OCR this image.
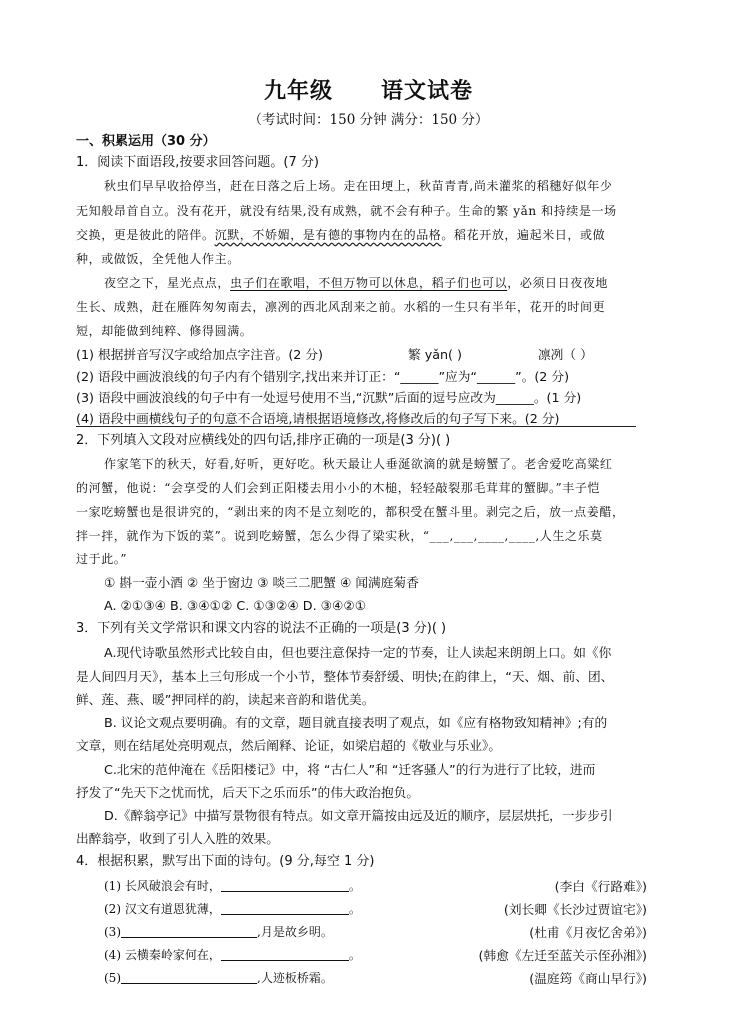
九年级 语文试卷
（考试时间：150 分钟 满分：150 分）
一、积累运用（30 分）
1．阅读下面语段,按要求回答问题。(7 分)
秋虫们早早收拾停当，赶在日落之后上场。走在田埂上，秋苗青青,尚未灌浆的稻穗好似年少
无知般昂首自立。没有花开，就没有结果,没有成熟，就不会有种子。生命的繁 yǎn 和持续是一场
交换，更是彼此的陪伴。沉默，不娇媚，是有德的事物内在的品格。稻花开放，遍起米日，或做
种，或做饭，全凭他人作主。
夜空之下，星光点点，虫子们在歌唱，不但万物可以休息，稻子们也可以，必须日日夜夜地
生长、成熟，赶在雁阵匆匆南去，凛冽的西北风刮来之前。水稻的一生只有半年，花开的时间更
短，却能做到纯粹、修得圆满。
(1) 根据拼音写汉字或给加点字注音。(2 分)	繁 yǎn( )	凛冽（ ）
(2) 语段中画波浪线的句子内有个错别字,找出来并订正：“______”应为“______”。(2 分)
(3) 语段中画波浪线的句子中有一处逗号使用不当,“沉默”后面的逗号应改为______。(1 分)
(4) 语段中画横线句子的句意不合语境,请根据语境修改,将修改后的句子写下来。(2 分)
2．下列填入文段对应横线处的四句话,排序正确的一项是(3 分)( )
作家笔下的秋天，好看,好听，更好吃。秋天最让人垂涎欲滴的就是螃蟹了。老舍爱吃高粱红
的河蟹，他说：“会享受的人们会到正阳楼去用小小的木槌，轻轻敲裂那毛茸茸的蟹脚。”丰子恺
一家吃螃蟹也是很讲究的，“剥出来的肉不是立刻吃的，都积受在蟹斗里。剥完之后，放一点姜醋，
拌一拌，就作为下饭的菜”。说到吃螃蟹，怎么少得了梁实秋，“___,___,____,____,人生之乐莫
过于此。”
① 斟一壶小酒 ② 坐于窗边 ③ 啖三二肥蟹 ④ 闻满庭菊香
A. ②①③④ B. ③④①② C. ①③②④ D. ③④②①
3．下列有关文学常识和课文内容的说法不正确的一项是(3 分)( )
A.现代诗歌虽然形式比较自由，但也要注意保持一定的节奏，让人读起来朗朗上口。如《你
是人间四月天》，基本上三句形成一个小节，整体节奏舒缓、明快;在韵律上，“天、烟、前、团、
鲜、莲、燕、暖”押同样的韵，读起来音韵和谐优美。
B. 议论文观点要明确。有的文章，题目就直接表明了观点，如《应有格物致知精神》;有的
文章，则在结尾处亮明观点，然后阐释、论证，如梁启超的《敬业与乐业》。
C.北宋的范仲淹在《岳阳楼记》中，将 “古仁人”和 “迁客骚人”的行为进行了比较，进而
抒发了“先天下之忧而忧，后天下之乐而乐”的伟大政治抱负。
D.《醉翁亭记》中描写景物很有特点。如文章开篇按由远及近的顺序，层层烘托，一步步引
出醉翁亭，收到了引人入胜的效果。
4．根据积累，默写出下面的诗句。(9 分,每空 1 分)
(1) 长风破浪会有时，	。	(李白《行路难》)
(2) 汉文有道恩犹薄，	。	(刘长卿《长沙过贾谊宅》)
(3)	,月是故乡明。	(杜甫《月夜忆舍弟》)
(4) 云横秦岭家何在，	。	(韩愈《左迁至蓝关示侄孙湘》)
(5)	,人迹板桥霜。	(温庭筠《商山早行》)
